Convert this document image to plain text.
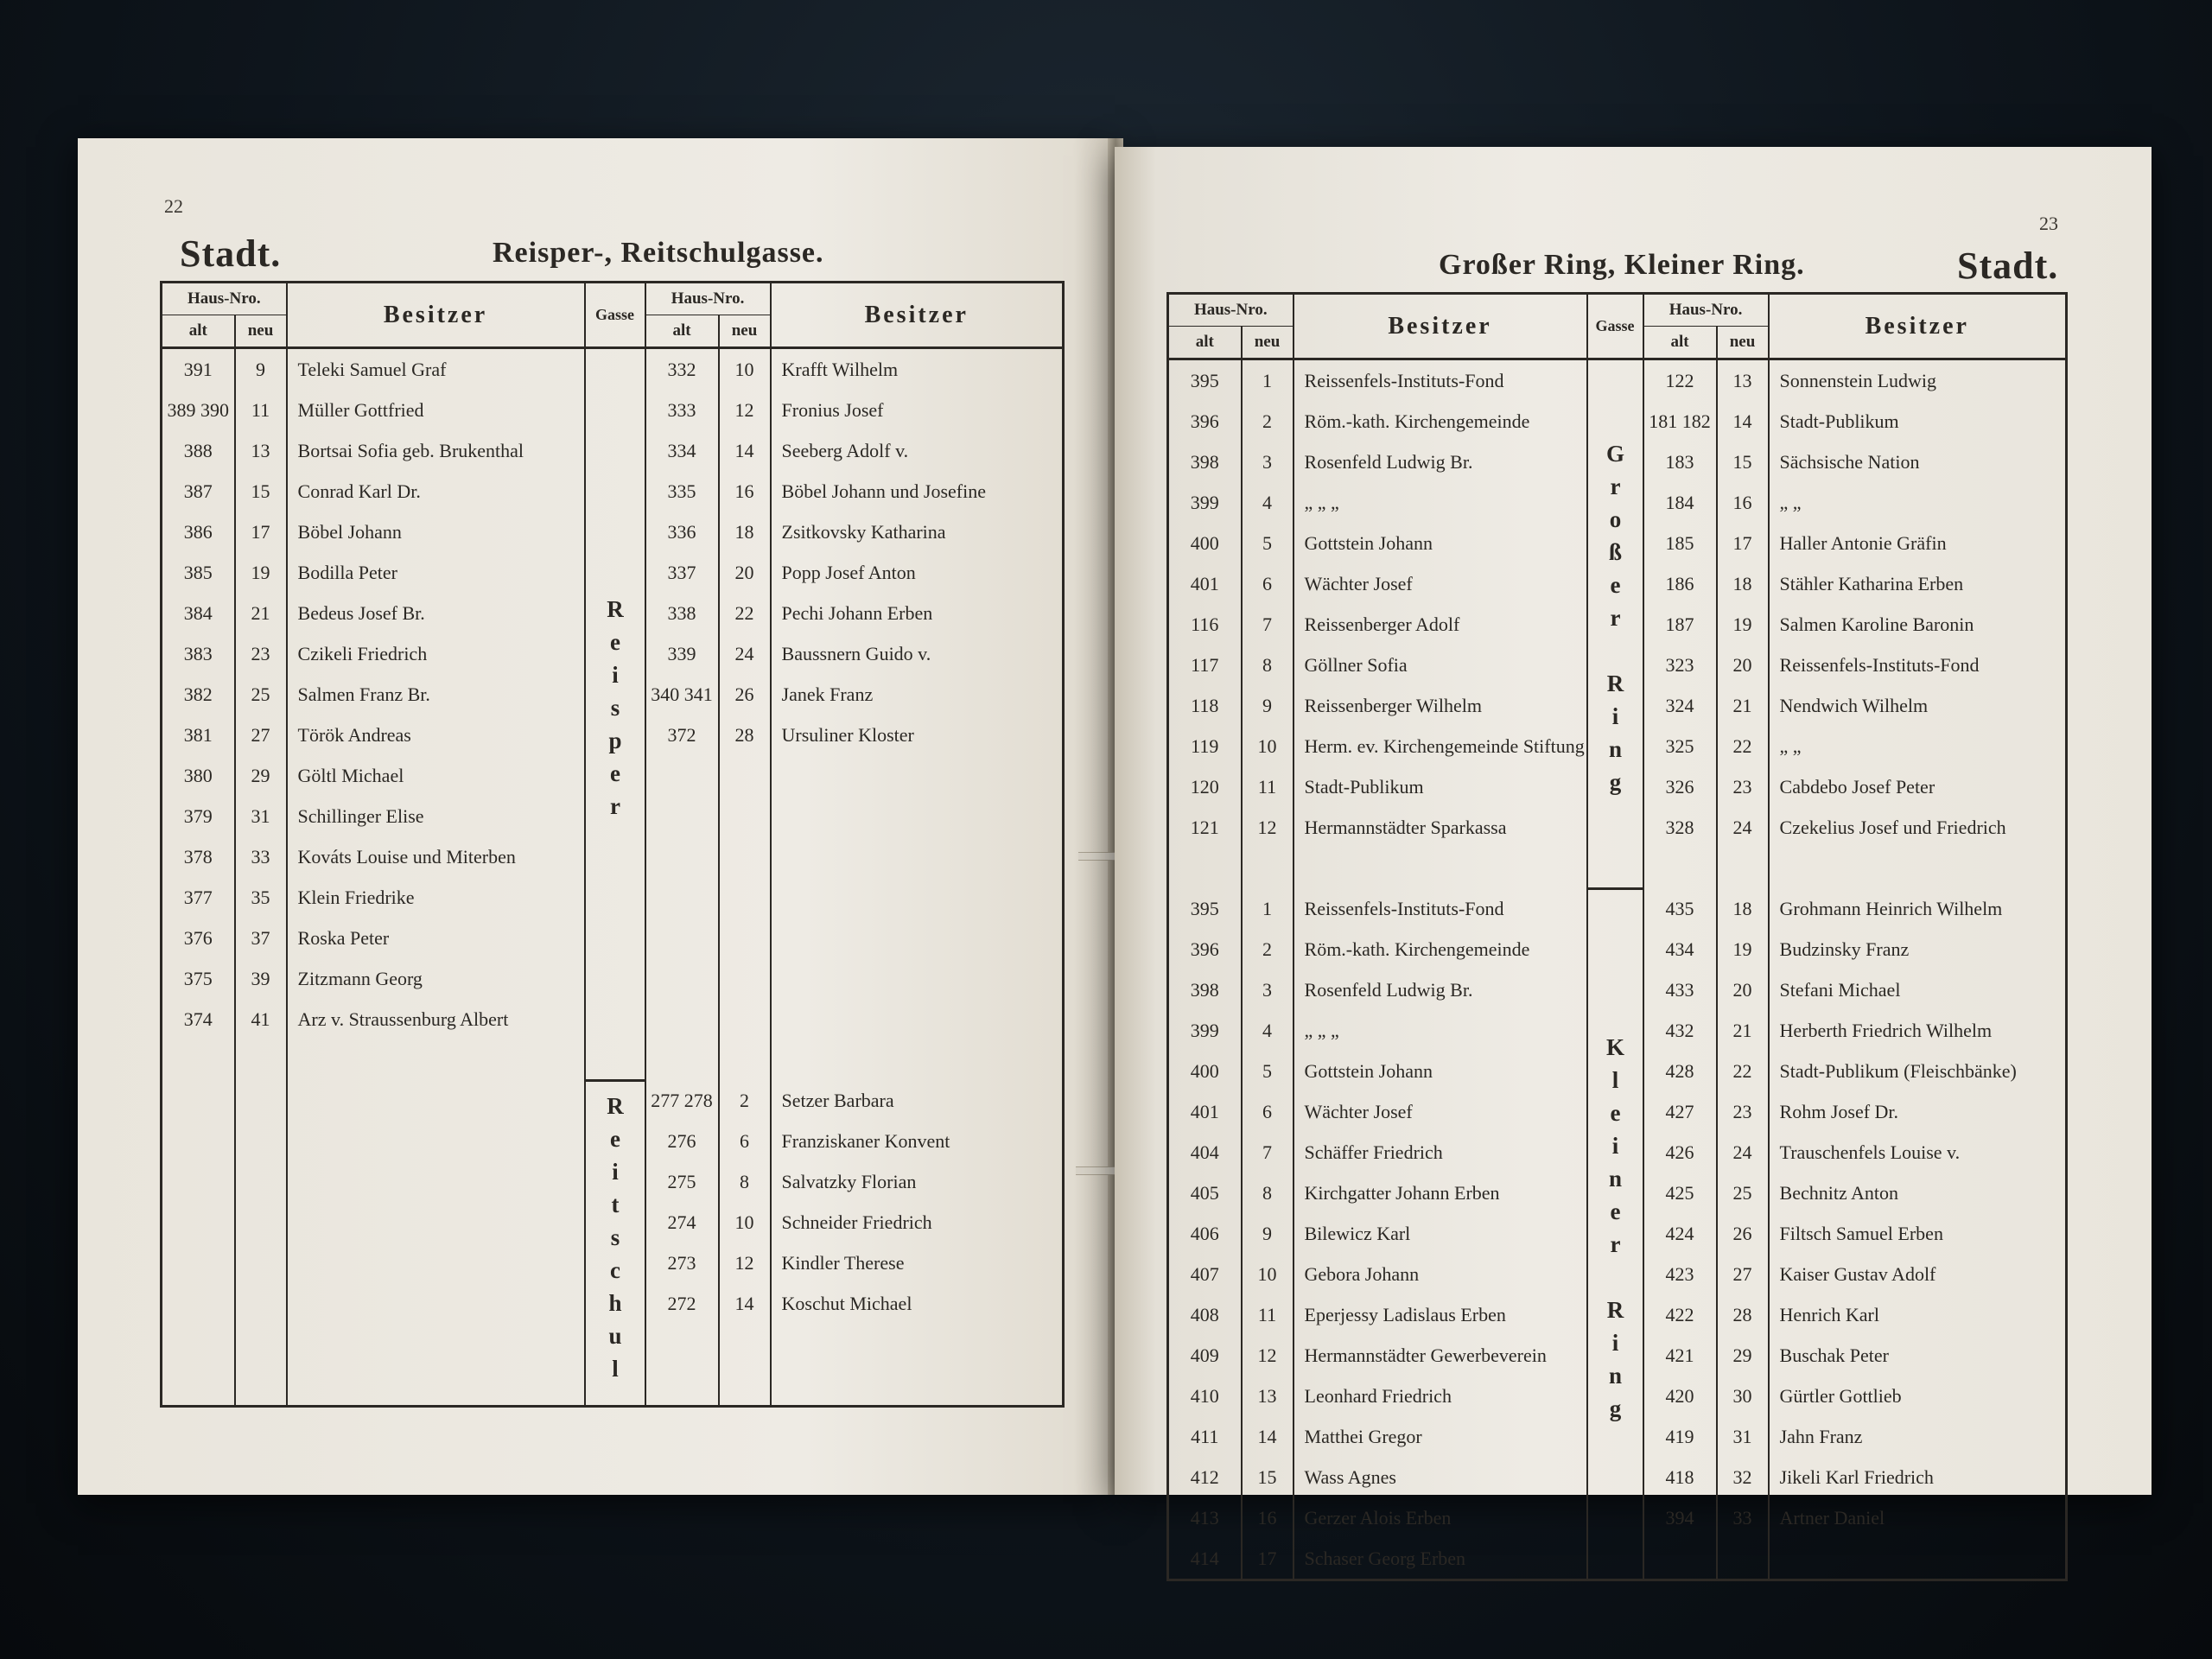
22
Stadt.	Reisper-, Reitschulgasse.
Haus-Nro.		Besitzer	Gasse	Haus-Nro.		Besitzer
alt	neu			alt	neu	
391	9	Teleki Samuel Graf	Reisper	332	10	Krafft Wilhelm
389 390	11	Müller Gottfried		333	12	Fronius Josef
388	13	Bortsai Sofia geb. Brukenthal		334	14	Seeberg Adolf v.
387	15	Conrad Karl Dr.		335	16	Böbel Johann und Josefine
386	17	Böbel Johann		336	18	Zsitkovsky Katharina
385	19	Bodilla Peter		337	20	Popp Josef Anton
384	21	Bedeus Josef Br.		338	22	Pechi Johann Erben
383	23	Czikeli Friedrich		339	24	Baussnern Guido v.
382	25	Salmen Franz Br.		340 341	26	Janek Franz
381	27	Török Andreas		372	28	Ursuliner Kloster
380	29	Göltl Michael				
379	31	Schillinger Elise				
378	33	Kováts Louise und Miterben				
377	35	Klein Friedrike				
376	37	Roska Peter				
375	39	Zitzmann Georg				
374	41	Arz v. Straussenburg Albert				

			Reitschul	277 278	2	Setzer Barbara
				276	6	Franziskaner Konvent
				275	8	Salvatzky Florian
				274	10	Schneider Friedrich
				273	12	Kindler Therese
				272	14	Koschut Michael

23
Großer Ring, Kleiner Ring.	Stadt.
Haus-Nro.		Besitzer	Gasse	Haus-Nro.		Besitzer
alt	neu			alt	neu	
395	1	Reissenfels-Instituts-Fond	Großer Ring	122	13	Sonnenstein Ludwig
396	2	Röm.-kath. Kirchengemeinde		181 182	14	Stadt-Publikum
398	3	Rosenfeld Ludwig Br.		183	15	Sächsische Nation
399	4	„ „ „		184	16	„ „
400	5	Gottstein Johann		185	17	Haller Antonie Gräfin
401	6	Wächter Josef		186	18	Stähler Katharina Erben
116	7	Reissenberger Adolf		187	19	Salmen Karoline Baronin
117	8	Göllner Sofia		323	20	Reissenfels-Instituts-Fond
118	9	Reissenberger Wilhelm		324	21	Nendwich Wilhelm
119	10	Herm. ev. Kirchengemeinde Stiftung		325	22	„ „
120	11	Stadt-Publikum		326	23	Cabdebo Josef Peter
121	12	Hermannstädter Sparkassa		328	24	Czekelius Josef und Friedrich

395	1	Reissenfels-Instituts-Fond	Kleiner Ring	435	18	Grohmann Heinrich Wilhelm
396	2	Röm.-kath. Kirchengemeinde		434	19	Budzinsky Franz
398	3	Rosenfeld Ludwig Br.		433	20	Stefani Michael
399	4	„ „ „		432	21	Herberth Friedrich Wilhelm
400	5	Gottstein Johann		428	22	Stadt-Publikum (Fleischbänke)
401	6	Wächter Josef		427	23	Rohm Josef Dr.
404	7	Schäffer Friedrich		426	24	Trauschenfels Louise v.
405	8	Kirchgatter Johann Erben		425	25	Bechnitz Anton
406	9	Bilewicz Karl		424	26	Filtsch Samuel Erben
407	10	Gebora Johann		423	27	Kaiser Gustav Adolf
408	11	Eperjessy Ladislaus Erben		422	28	Henrich Karl
409	12	Hermannstädter Gewerbeverein		421	29	Buschak Peter
410	13	Leonhard Friedrich		420	30	Gürtler Gottlieb
411	14	Matthei Gregor		419	31	Jahn Franz
412	15	Wass Agnes		418	32	Jikeli Karl Friedrich
413	16	Gerzer Alois Erben		394	33	Artner Daniel
414	17	Schaser Georg Erben				
